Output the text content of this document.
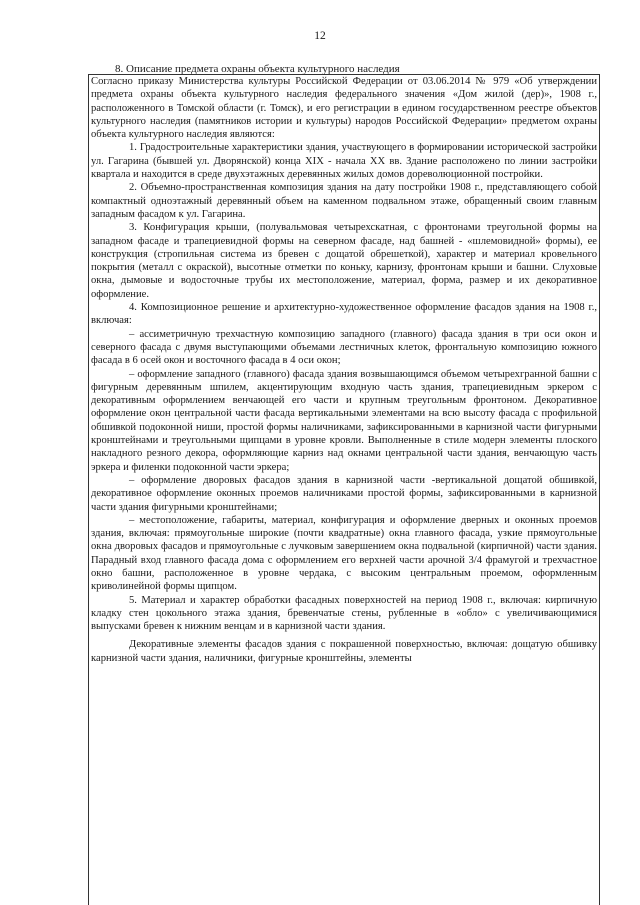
12
8. Описание предмета охраны объекта культурного наследия

Согласно приказу Министерства культуры Российской Федерации от 03.06.2014 № 979 «Об утверждении предмета охраны объекта культурного наследия федерального значения «Дом жилой (дер)», 1908 г., расположенного в Томской области (г. Томск), и его регистрации в едином государственном реестре объектов культурного наследия (памятников истории и культуры) народов Российской Федерации» предметом охраны объекта культурного наследия являются:

1. Градостроительные характеристики здания, участвующего в формировании исторической застройки ул. Гагарина (бывшей ул. Дворянской) конца XIX - начала XX вв. Здание расположено по линии застройки квартала и находится в среде двухэтажных деревянных жилых домов дореволюционной постройки.

2. Объемно-пространственная композиция здания на дату постройки 1908 г., представляющего собой компактный одноэтажный деревянный объем на каменном подвальном этаже, обращенный своим главным западным фасадом к ул. Гагарина.

3. Конфигурация крыши, (полувальмовая четырехскатная, с фронтонами треугольной формы на западном фасаде и трапециевидной формы на северном фасаде, над башней - «шлемовидной» формы), ее конструкция (стропильная система из бревен с дощатой обрешеткой), характер и материал кровельного покрытия (металл с окраской), высотные отметки по коньку, карнизу, фронтонам крыши и башни. Слуховые окна, дымовые и водосточные трубы их местоположение, материал, форма, размер и их декоративное оформление.

4. Композиционное решение и архитектурно-художественное оформление фасадов здания на 1908 г., включая:

– ассиметричную трехчастную композицию западного (главного) фасада здания в три оси окон и северного фасада с двумя выступающими объемами лестничных клеток, фронтальную композицию южного фасада в 6 осей окон и восточного фасада в 4 оси окон;

– оформление западного (главного) фасада здания возвышающимся объемом четырехгранной башни с фигурным деревянным шпилем, акцентирующим входную часть здания, трапециевидным эркером с декоративным оформлением венчающей его части и крупным треугольным фронтоном. Декоративное оформление окон центральной части фасада вертикальными элементами на всю высоту фасада с профильной обшивкой подоконной ниши, простой формы наличниками, зафиксированными в карнизной части фигурными кронштейнами и треугольными щипцами в уровне кровли. Выполненные в стиле модерн элементы плоского накладного резного декора, оформляющие карниз над окнами центральной части здания, венчающую часть эркера и филенки подоконной части эркера;

– оформление дворовых фасадов здания в карнизной части -вертикальной дощатой обшивкой, декоративное оформление оконных проемов наличниками простой формы, зафиксированными в карнизной части здания фигурными кронштейнами;

– местоположение, габариты, материал, конфигурация и оформление дверных и оконных проемов здания, включая: прямоугольные широкие (почти квадратные) окна главного фасада, узкие прямоугольные окна дворовых фасадов и прямоугольные с лучковым завершением окна подвальной (кирпичной) части здания. Парадный вход главного фасада дома с оформлением его верхней части арочной 3/4 фрамугой и трехчастное окно башни, расположенное в уровне чердака, с высоким центральным проемом, оформленным криволинейной формы щипцом.

5. Материал и характер обработки фасадных поверхностей на период 1908 г., включая: кирпичную кладку стен цокольного этажа здания, бревенчатые стены, рубленные в «обло» с увеличивающимися выпусками бревен к нижним венцам и в карнизной части здания.

Декоративные элементы фасадов здания с покрашенной поверхностью, включая: дощатую обшивку карнизной части здания, наличники, фигурные кронштейны, элементы
